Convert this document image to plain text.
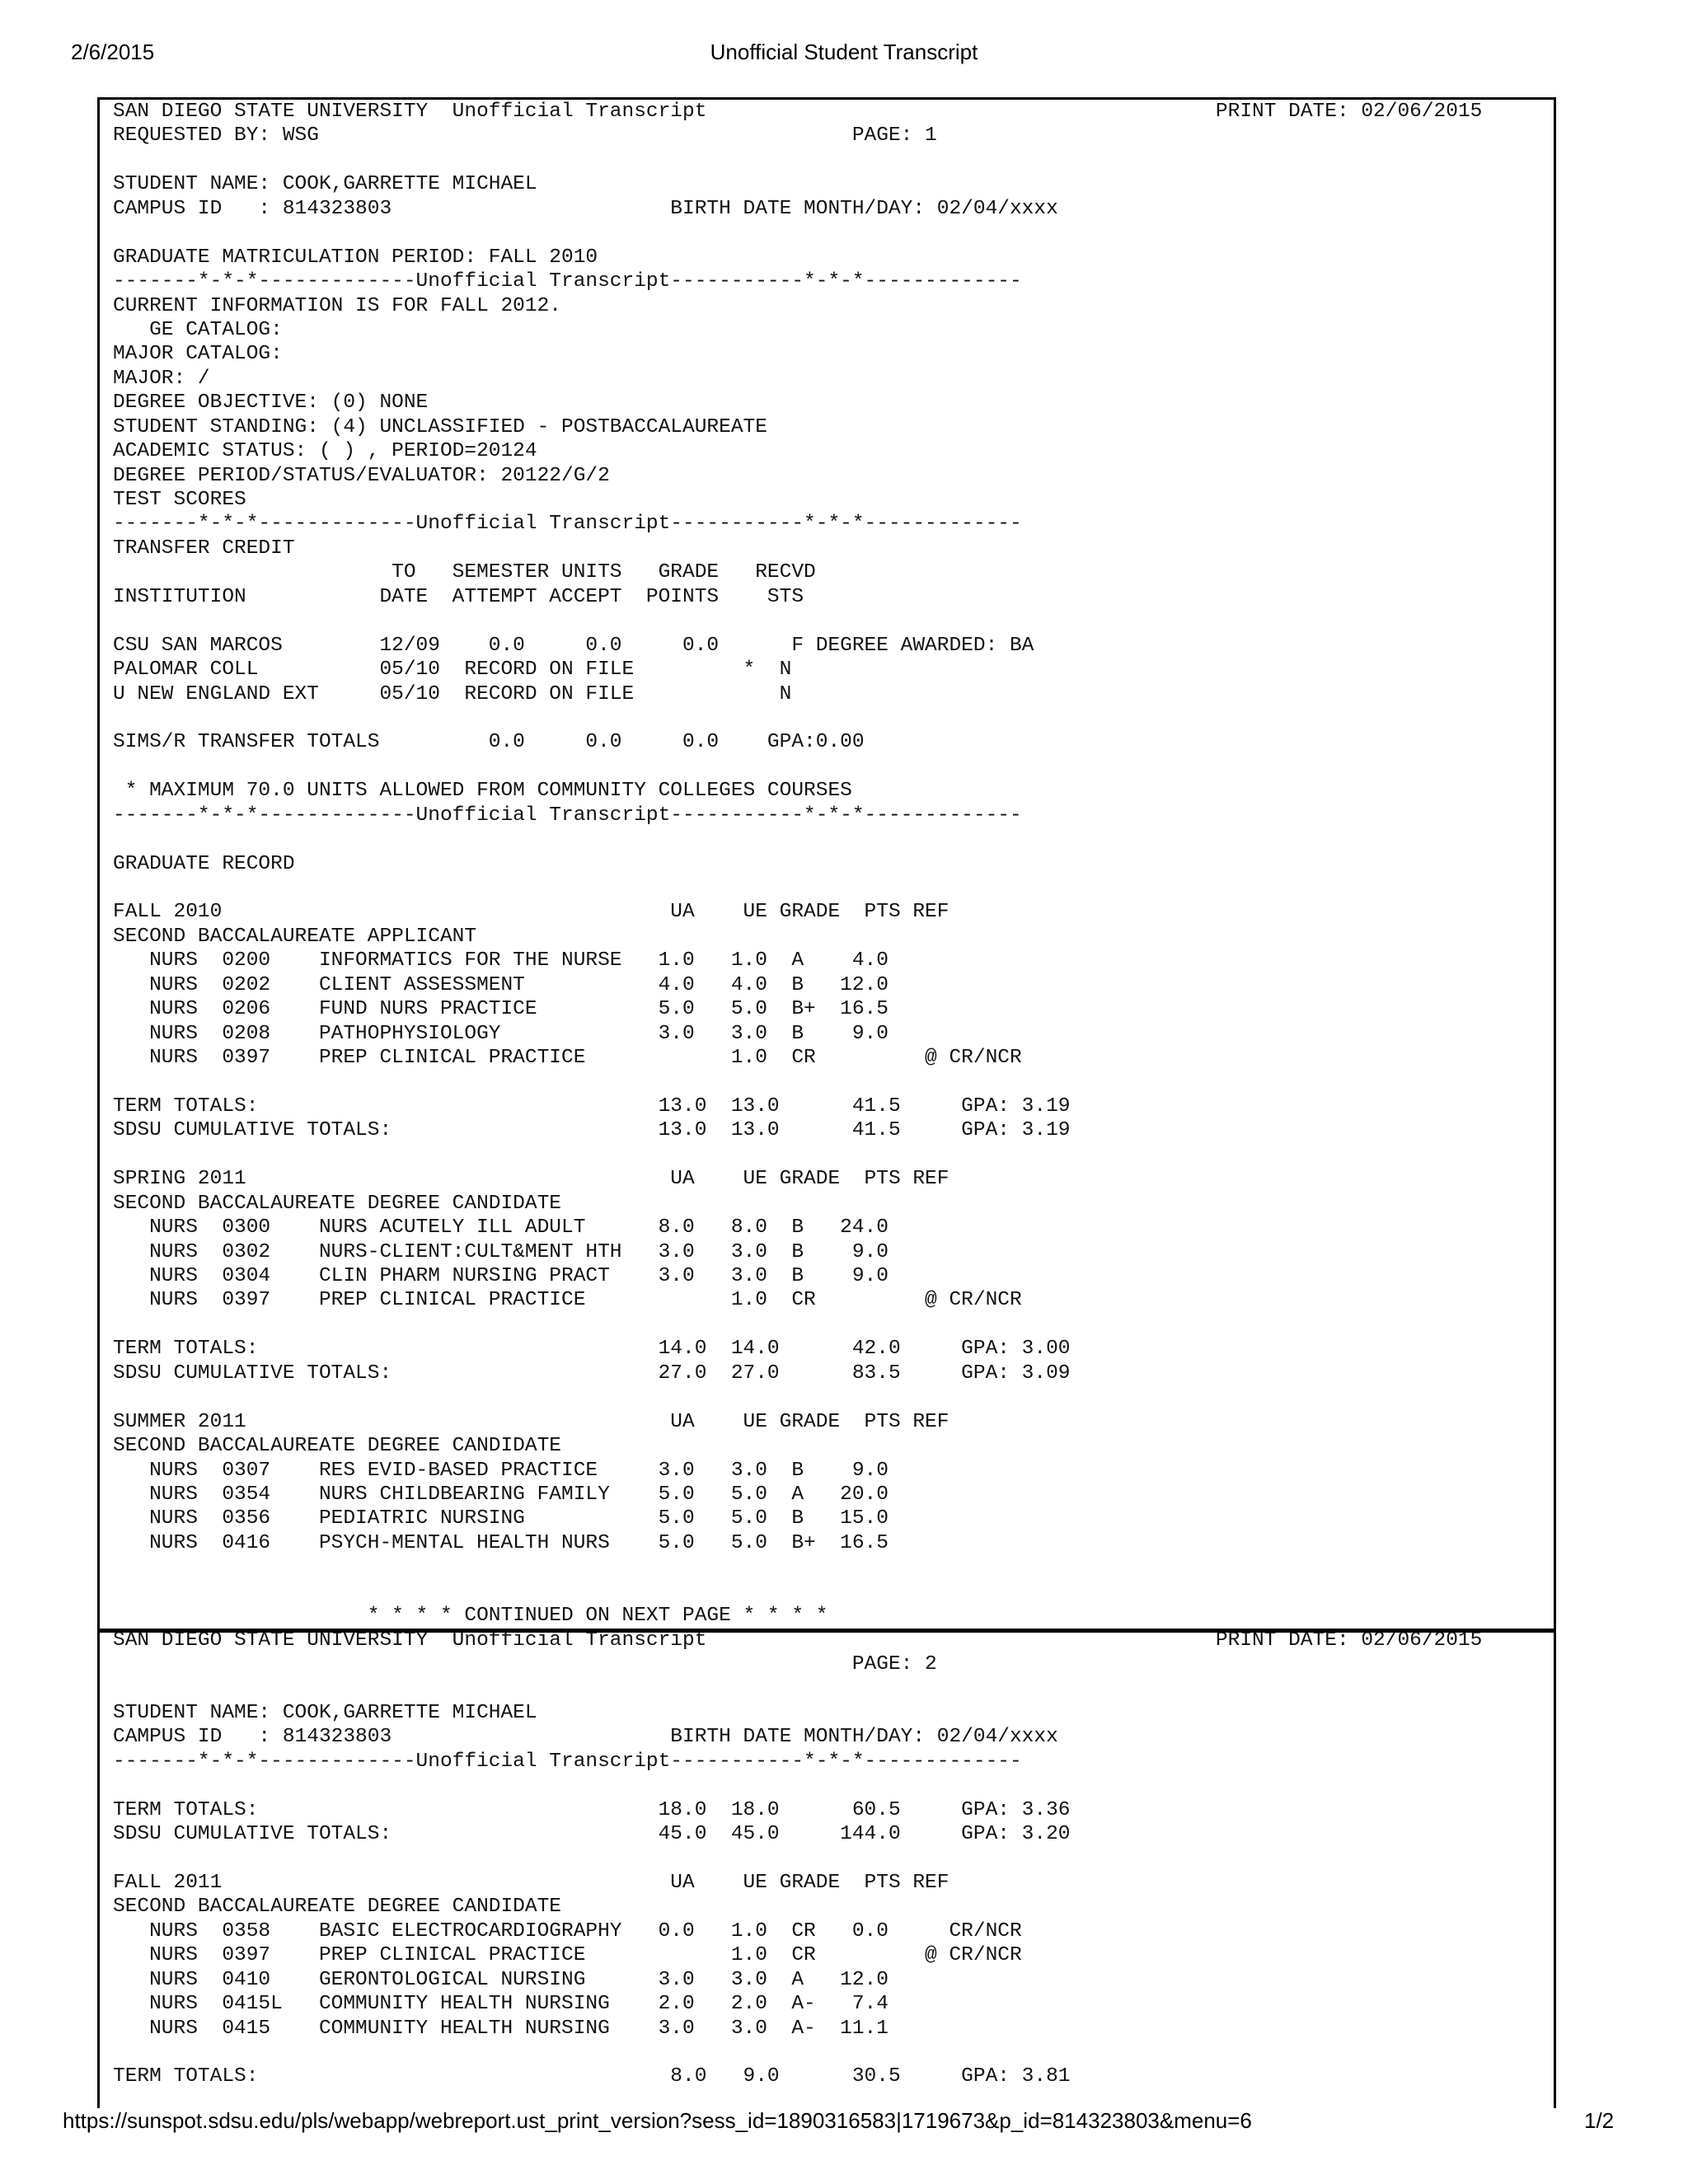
2/6/2015	Unofficial Student Transcript
SAN DIEGO STATE UNIVERSITY  Unofficial Transcript                                          PRINT DATE: 02/06/2015
REQUESTED BY: WSG                                            PAGE: 1
STUDENT NAME: COOK,GARRETTE MICHAEL
CAMPUS ID   : 814323803                       BIRTH DATE MONTH/DAY: 02/04/xxxx
GRADUATE MATRICULATION PERIOD: FALL 2010
-------*-*-*-------------Unofficial Transcript-----------*-*-*-------------
CURRENT INFORMATION IS FOR FALL 2012.
GE CATALOG:
MAJOR CATALOG:
MAJOR: /
DEGREE OBJECTIVE: (0) NONE
STUDENT STANDING: (4) UNCLASSIFIED - POSTBACCALAUREATE
ACADEMIC STATUS: ( ) , PERIOD=20124
DEGREE PERIOD/STATUS/EVALUATOR: 20122/G/2
TEST SCORES
-------*-*-*-------------Unofficial Transcript-----------*-*-*-------------
TRANSFER CREDIT
TO   SEMESTER UNITS   GRADE   RECVD
INSTITUTION           DATE  ATTEMPT ACCEPT  POINTS    STS
CSU SAN MARCOS        12/09    0.0     0.0     0.0      F DEGREE AWARDED: BA
PALOMAR COLL          05/10  RECORD ON FILE         *  N
U NEW ENGLAND EXT     05/10  RECORD ON FILE            N
SIMS/R TRANSFER TOTALS         0.0     0.0     0.0    GPA:0.00
* MAXIMUM 70.0 UNITS ALLOWED FROM COMMUNITY COLLEGES COURSES
-------*-*-*-------------Unofficial Transcript-----------*-*-*-------------
GRADUATE RECORD
FALL 2010                                     UA    UE GRADE  PTS REF
SECOND BACCALAUREATE APPLICANT
NURS  0200    INFORMATICS FOR THE NURSE   1.0   1.0  A    4.0
NURS  0202    CLIENT ASSESSMENT           4.0   4.0  B   12.0
NURS  0206    FUND NURS PRACTICE          5.0   5.0  B+  16.5
NURS  0208    PATHOPHYSIOLOGY             3.0   3.0  B    9.0
NURS  0397    PREP CLINICAL PRACTICE            1.0  CR         @ CR/NCR
TERM TOTALS:                                 13.0  13.0      41.5     GPA: 3.19
SDSU CUMULATIVE TOTALS:                      13.0  13.0      41.5     GPA: 3.19
SPRING 2011                                   UA    UE GRADE  PTS REF
SECOND BACCALAUREATE DEGREE CANDIDATE
NURS  0300    NURS ACUTELY ILL ADULT      8.0   8.0  B   24.0
NURS  0302    NURS-CLIENT:CULT&MENT HTH   3.0   3.0  B    9.0
NURS  0304    CLIN PHARM NURSING PRACT    3.0   3.0  B    9.0
NURS  0397    PREP CLINICAL PRACTICE            1.0  CR         @ CR/NCR
TERM TOTALS:                                 14.0  14.0      42.0     GPA: 3.00
SDSU CUMULATIVE TOTALS:                      27.0  27.0      83.5     GPA: 3.09
SUMMER 2011                                   UA    UE GRADE  PTS REF
SECOND BACCALAUREATE DEGREE CANDIDATE
NURS  0307    RES EVID-BASED PRACTICE     3.0   3.0  B    9.0
NURS  0354    NURS CHILDBEARING FAMILY    5.0   5.0  A   20.0
NURS  0356    PEDIATRIC NURSING           5.0   5.0  B   15.0
NURS  0416    PSYCH-MENTAL HEALTH NURS    5.0   5.0  B+  16.5
* * * * CONTINUED ON NEXT PAGE * * * *
SAN DIEGO STATE UNIVERSITY  Unofficial Transcript                                          PRINT DATE: 02/06/2015
PAGE: 2
STUDENT NAME: COOK,GARRETTE MICHAEL
CAMPUS ID   : 814323803                       BIRTH DATE MONTH/DAY: 02/04/xxxx
-------*-*-*-------------Unofficial Transcript-----------*-*-*-------------
TERM TOTALS:                                 18.0  18.0      60.5     GPA: 3.36
SDSU CUMULATIVE TOTALS:                      45.0  45.0     144.0     GPA: 3.20
FALL 2011                                     UA    UE GRADE  PTS REF
SECOND BACCALAUREATE DEGREE CANDIDATE
NURS  0358    BASIC ELECTROCARDIOGRAPHY   0.0   1.0  CR   0.0     CR/NCR
NURS  0397    PREP CLINICAL PRACTICE            1.0  CR         @ CR/NCR
NURS  0410    GERONTOLOGICAL NURSING      3.0   3.0  A   12.0
NURS  0415L   COMMUNITY HEALTH NURSING    2.0   2.0  A-   7.4
NURS  0415    COMMUNITY HEALTH NURSING    3.0   3.0  A-  11.1
TERM TOTALS:                                  8.0   9.0      30.5     GPA: 3.81
https://sunspot.sdsu.edu/pls/webapp/webreport.ust_print_version?sess_id=1890316583|1719673&p_id=814323803&menu=6	1/2
